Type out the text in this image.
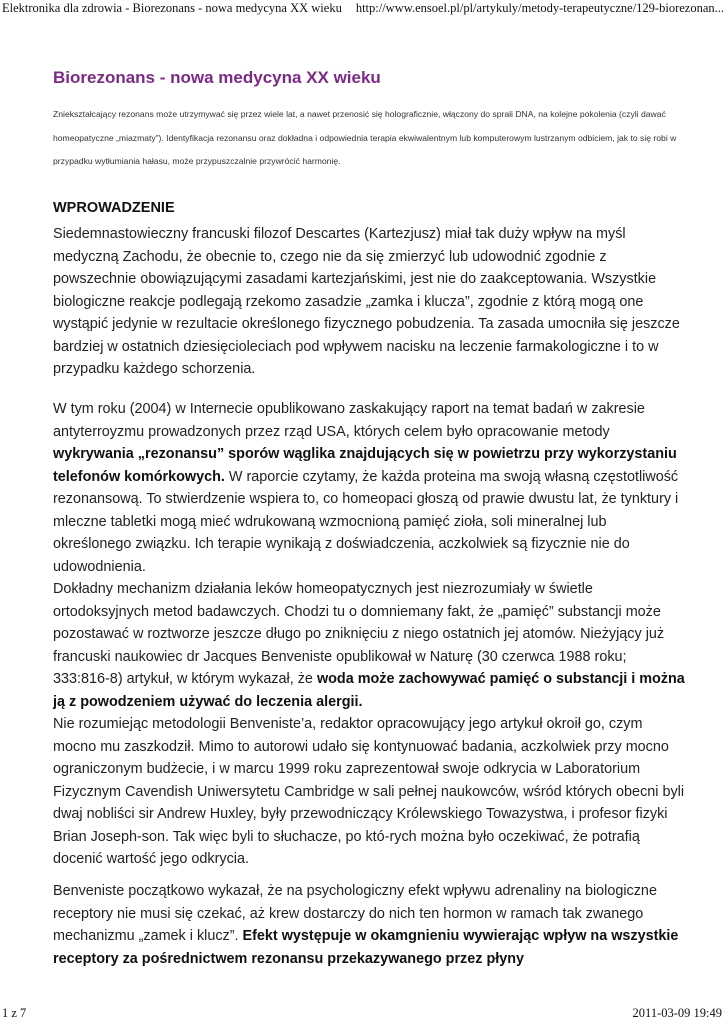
Elektronika dla zdrowia - Biorezonans - nowa medycyna XX wieku http://www.ensoel.pl/pl/artykuly/metody-terapeutyczne/129-biorezonan...
Biorezonans - nowa medycyna XX wieku

Zniekształcający rezonans może utrzymywać się przez wiele lat, a nawet przenosić się holograficznie, włączony do sprali DNA, na kolejne pokolenia (czyli dawać homeopatyczne „miazmaty”). Identyfikacja rezonansu oraz dokładna i odpowiednia terapia ekwiwalentnym lub komputerowym lustrzanym odbiciem, jak to się robi w przypadku wytłumiania hałasu, może przypuszczalnie przywrócić harmonię.

WPROWADZENIE

Siedemnastowieczny francuski filozof Descartes (Kartezjusz) miał tak duży wpływ na myśl medyczną Zachodu, że obecnie to, czego nie da się zmierzyć lub udowodnić zgodnie z powszechnie obowiązującymi zasadami kartezjańskimi, jest nie do zaakceptowania. Wszystkie biologiczne reakcje podlegają rzekomo zasadzie „zamka i klucza”, zgodnie z którą mogą one wystąpić jedynie w rezultacie określonego fizycznego pobudzenia. Ta zasada umocniła się jeszcze bardziej w ostatnich dziesięcioleciach pod wpływem nacisku na leczenie farmakologiczne i to w przypadku każdego schorzenia.

W tym roku (2004) w Internecie opublikowano zaskakujący raport na temat badań w zakresie antyterroyzmu prowadzonych przez rząd USA, których celem było opracowanie metody wykrywania „rezonansu” sporów wąglika znajdujących się w powietrzu przy wykorzystaniu telefonów komórkowych. W raporcie czytamy, że każda proteina ma swoją własną częstotliwość rezonansową. To stwierdzenie wspiera to, co homeopaci głoszą od prawie dwustu lat, że tynktury i mleczne tabletki mogą mieć wdrukowaną wzmocnioną pamięć zioła, soli mineralnej lub określonego związku. Ich terapie wynikają z doświadczenia, aczkolwiek są fizycznie nie do udowodnienia.
Dokładny mechanizm działania leków homeopatycznych jest niezrozumiały w świetle ortodoksyjnych metod badawczych. Chodzi tu o domniemany fakt, że „pamięć” substancji może pozostawać w roztworze jeszcze długo po zniknięciu z niego ostatnich jej atomów. Nieżyjący już francuski naukowiec dr Jacques Benveniste opublikował w Naturę (30 czerwca 1988 roku; 333:816-8) artykuł, w którym wykazał, że woda może zachowywać pamięć o substancji i można ją z powodzeniem używać do leczenia alergii.
Nie rozumiejąc metodologii Benveniste’a, redaktor opracowujący jego artykuł okroił go, czym mocno mu zaszkodził. Mimo to autorowi udało się kontynuować badania, aczkolwiek przy mocno ograniczonym budżecie, i w marcu 1999 roku zaprezentował swoje odkrycia w Laboratorium Fizycznym Cavendish Uniwersytetu Cambridge w sali pełnej naukowców, wśród których obecni byli dwaj nobliści sir Andrew Huxley, były przewodniczący Królewskiego Towazystwa, i profesor fizyki Brian Joseph-son. Tak więc byli to słuchacze, po któ-rych można było oczekiwać, że potrafią docenić wartość jego odkrycia.

Benveniste początkowo wykazał, że na psychologiczny efekt wpływu adrenaliny na biologiczne receptory nie musi się czekać, aż krew dostarczy do nich ten hormon w ramach tak zwanego mechanizmu „zamek i klucz”. Efekt występuje w okamgnieniu wywierając wpływ na wszystkie receptory za pośrednictwem rezonansu przekazywanego przez płyny

1 z 7	2011-03-09 19:49
